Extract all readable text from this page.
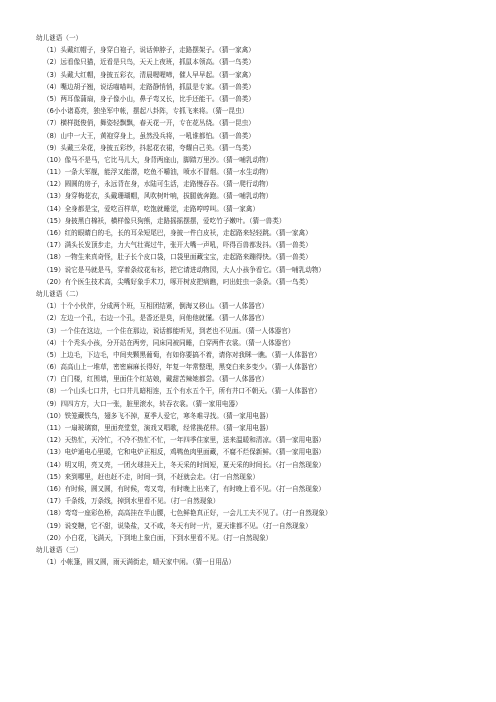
幼儿谜语（一）
（1）头戴红帽子，身穿白袍子，说话伸脖子，走路摆架子。（猜一家禽）
（2）远看像只猫，近看是只鸟，天天上夜班，抓鼠本领高。（猜一鸟类）
（3）头戴大红帽，身披五彩衣，清晨喔喔啼，催人早早起。（猜一家禽）
（4）嘴边胡子翘，说话喵喵叫，走路静悄悄，抓鼠是专家。（猜一兽类）
（5）两耳像蒲扇，身子像小山，鼻子弯又长，比手还能干。（猜一兽类）
（6小小诸葛亮，独坐军中帐，摆起八卦阵，专抓飞来将。（猜一昆虫）
（7）横样挺俊俏，舞姿轻飘飘，春天花一开，专在花丛绕。（猜一昆虫）
（8）山中一大王，黄袍穿身上，虽然没兵将，一吼谁都怕。（猜一兽类）
（9）头戴三朵花，身披五彩纱，抖起花衣裙，夸耀自己美。（猜一鸟类）
（10）像马不是马，它比马儿大，身背两座山，脚踏万里沙。（猜一哺乳动物）
（11）一条大军舰，能浮又能潜，吃鱼不嚼油，喷水不冒烟。（猜一水生动物）
（12）圆圆的房子，永远背在身，水陆可生活，走路慢吞吞。（猜一爬行动物）
（13）身穿梅花衣，头戴珊瑚帽，风吹树叶响，拔腿就奔跑。（猜一哺乳动物）
（14）全身都是宝，爱吃百样草，吃饱就睡觉，走路哼哼叫。（猜一家禽）
（15）身披黑白棉袄，横样像只狗熊，走路摇摇摆摆，爱吃竹子嫩叶。（猜一兽类）
（16）红的眼睛白的毛，长的耳朵短尾巴，身披一件白皮袄，走起路来轻轻跳。（猜一家禽）
（17）满头长发顶步走，力大气壮赛过牛，张开大嘴一声吼，吓得百兽都发抖。（猜一兽类）
（18）一物生来真奇怪，肚子长个皮口袋，口袋里面藏宝宝，走起路来蹦得快。（猜一兽类）
（19）说它是马就是马，穿着条纹花布衫，把它请进动物园，大人小孩争看它。（猜一哺乳动物）
（20）有个医生技术高，尖嘴好象手术刀，啄开树皮把病瞧，叼出蛀虫一条条。（猜一鸟类）
幼儿谜语（二）
（1）十个小伙伴，分成两个班，互相团结紧，倒海又移山。（猜一人体器官）
（2）左边一个孔，右边一个孔，是香还是臭，问他他就懂。（猜一人体器官）
（3）一个住在这边，一个住在那边，说话都能听见，到老也不见面。（猜一人体器官）
（4）十个秃头小孩，分开站在两旁，同床同被同睡，白穿两件衣裳。（猜一人体器官）
（5）上边毛，下边毛，中间夹颗黑葡萄，有如你要搞不着，请你对我眯一瞧。（猜一人体器官）
（6）高高山上一堆草，密密麻麻长得好，年复一年常整理，黑变白来多变少。（猜一人体器官）
（7）白门楼，红围墙，里面住个红姑娘，戴甜苦辣她都尝。（猜一人体器官）
（8）一个山头七口井，七口井儿暗相连，五个有水五个干，所有井口不朝天。（猜一人体器官）
（9）四四方方，大口一张，脏里滚水，转吞衣裳。（猜一家用电器）
（10）铁笼藏铁鸟，翅多飞不掉，夏季人爱它，寒冬难寻找。（猜一家用电器）
（11）一扇玻璃窗，里面亮堂堂，演戏又唱歌，经常换花样。（猜一家用电器）
（12）天热忙，天冷忙，不冷不热忙不忙，一年四季住家里，送来温暖和清凉。（猜一家用电器）
（13）电炉通电心里暖，它和电炉正相反，鸡鸭鱼肉里面藏，不腐不烂保新鲜。（猜一家用电器）
（14）明又明，亮又亮，一团火球挂天上，冬天采的时间短，夏天采的时间长。（打一自然现象）
（15）来到哪里，赶也赶不走，时间一到，不赶就会走。（打一自然现象）
（16）有时候，圆又圆，有时候，弯又弯，有时晚上出来了，有时晚上看不见。（打一自然现象）
（17）千条线，万条线，掉到水里看不见。（打一自然现象）
（18）弯弯一座彩色桥，高高挂在半山腰，七色鲜艳真正好，一会儿工夫不见了。（打一自然现象）
（19）说变糖，它不甜，说染盐，又不咸，冬天有时一片，夏天谁都不见。（打一自然现象）
（20）小白花，飞满天，下到地上象白面，下到水里看不见。（打一自然现象）
幼儿谜语（三）
（1）小帐篷，圆又圆，雨天满街走，晴天家中闲。（猜一日用品）
